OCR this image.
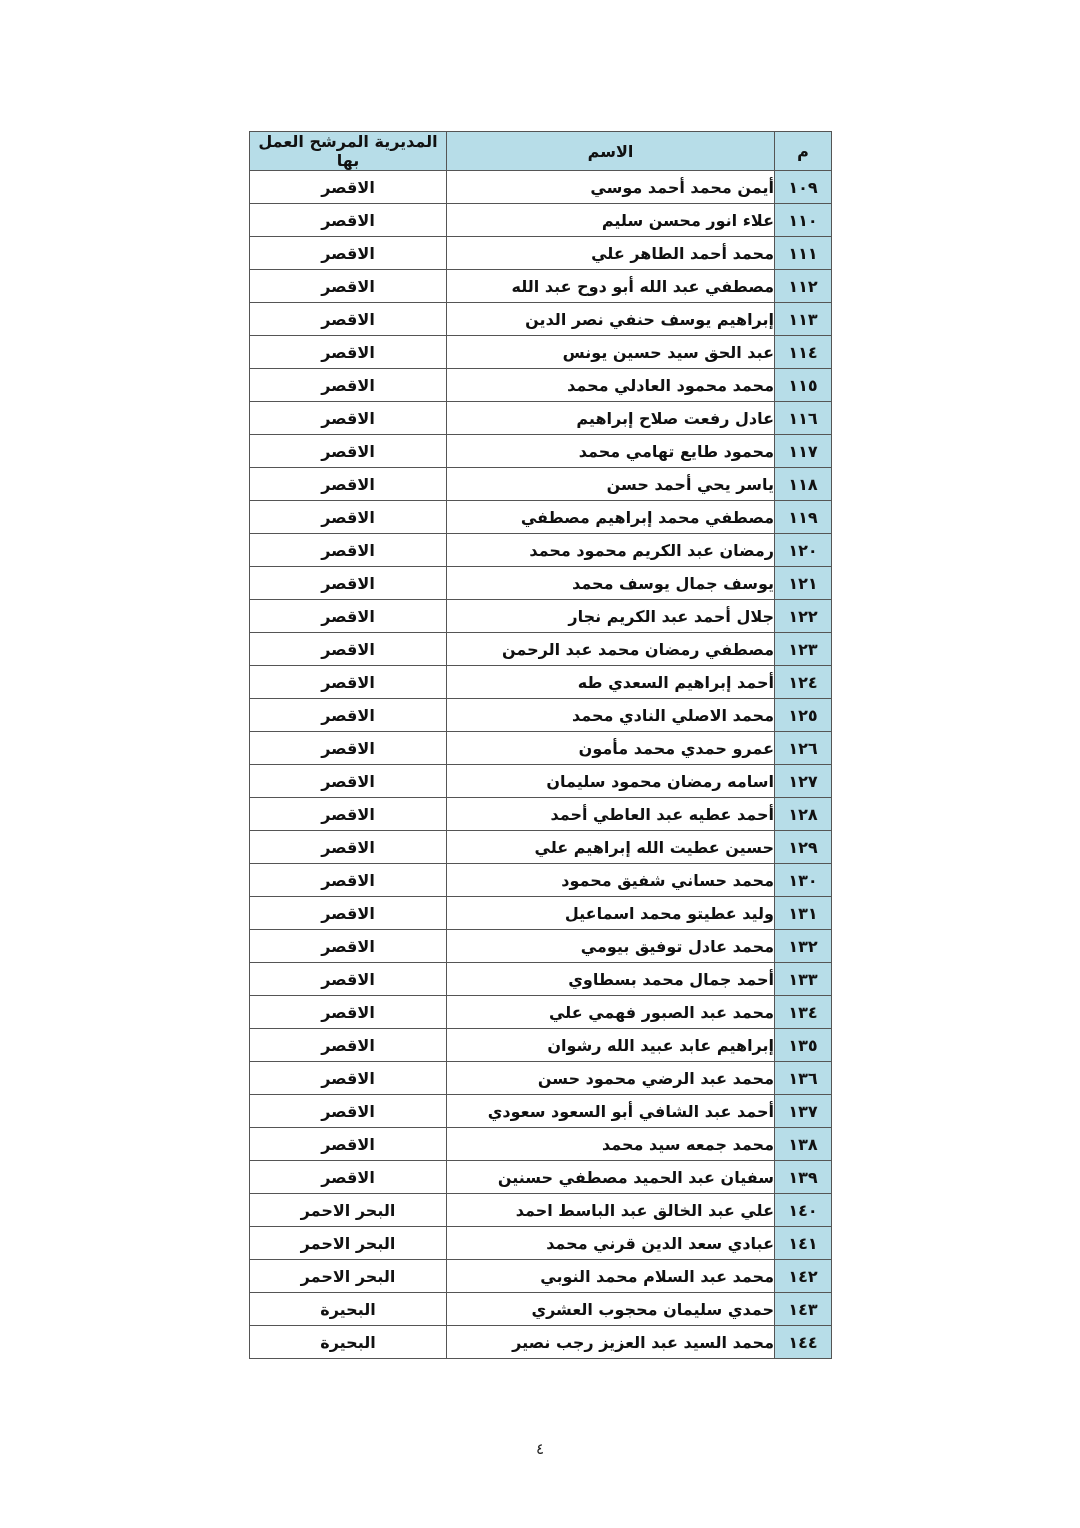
م	الاسم	المديرية المرشح العمل بها
١٠٩	أيمن محمد أحمد موسي	الاقصر
١١٠	علاء انور محسن سليم	الاقصر
١١١	محمد أحمد الطاهر علي	الاقصر
١١٢	مصطفي عبد الله أبو دوح عبد الله	الاقصر
١١٣	إبراهيم يوسف حنفي نصر الدين	الاقصر
١١٤	عبد الحق سيد حسين يونس	الاقصر
١١٥	محمد محمود العادلي محمد	الاقصر
١١٦	عادل رفعت صلاح إبراهيم	الاقصر
١١٧	محمود طايع تهامي محمد	الاقصر
١١٨	ياسر يحي أحمد حسن	الاقصر
١١٩	مصطفي محمد إبراهيم مصطفي	الاقصر
١٢٠	رمضان عبد الكريم محمود محمد	الاقصر
١٢١	يوسف جمال يوسف محمد	الاقصر
١٢٢	جلال أحمد عبد الكريم نجار	الاقصر
١٢٣	مصطفي رمضان محمد عبد الرحمن	الاقصر
١٢٤	أحمد إبراهيم السعدي طه	الاقصر
١٢٥	محمد الاصلي النادي محمد	الاقصر
١٢٦	عمرو حمدي محمد مأمون	الاقصر
١٢٧	اسامه رمضان محمود سليمان	الاقصر
١٢٨	أحمد عطيه عبد العاطي أحمد	الاقصر
١٢٩	حسين عطيت الله إبراهيم علي	الاقصر
١٣٠	محمد حساني شفيق محمود	الاقصر
١٣١	وليد عطيتو محمد اسماعيل	الاقصر
١٣٢	محمد عادل توفيق بيومي	الاقصر
١٣٣	أحمد جمال محمد بسطاوي	الاقصر
١٣٤	محمد عبد الصبور فهمي علي	الاقصر
١٣٥	إبراهيم عابد عبيد الله رشوان	الاقصر
١٣٦	محمد عبد الرضي محمود حسن	الاقصر
١٣٧	أحمد عبد الشافي أبو السعود سعودي	الاقصر
١٣٨	محمد جمعه سيد محمد	الاقصر
١٣٩	سفيان عبد الحميد مصطفي حسنين	الاقصر
١٤٠	علي عبد الخالق عبد الباسط احمد	البحر الاحمر
١٤١	عبادي سعد الدين قرني محمد	البحر الاحمر
١٤٢	محمد عبد السلام محمد النوبي	البحر الاحمر
١٤٣	حمدي سليمان محجوب العشري	البحيرة
١٤٤	محمد السيد عبد العزيز رجب نصير	البحيرة
٤
